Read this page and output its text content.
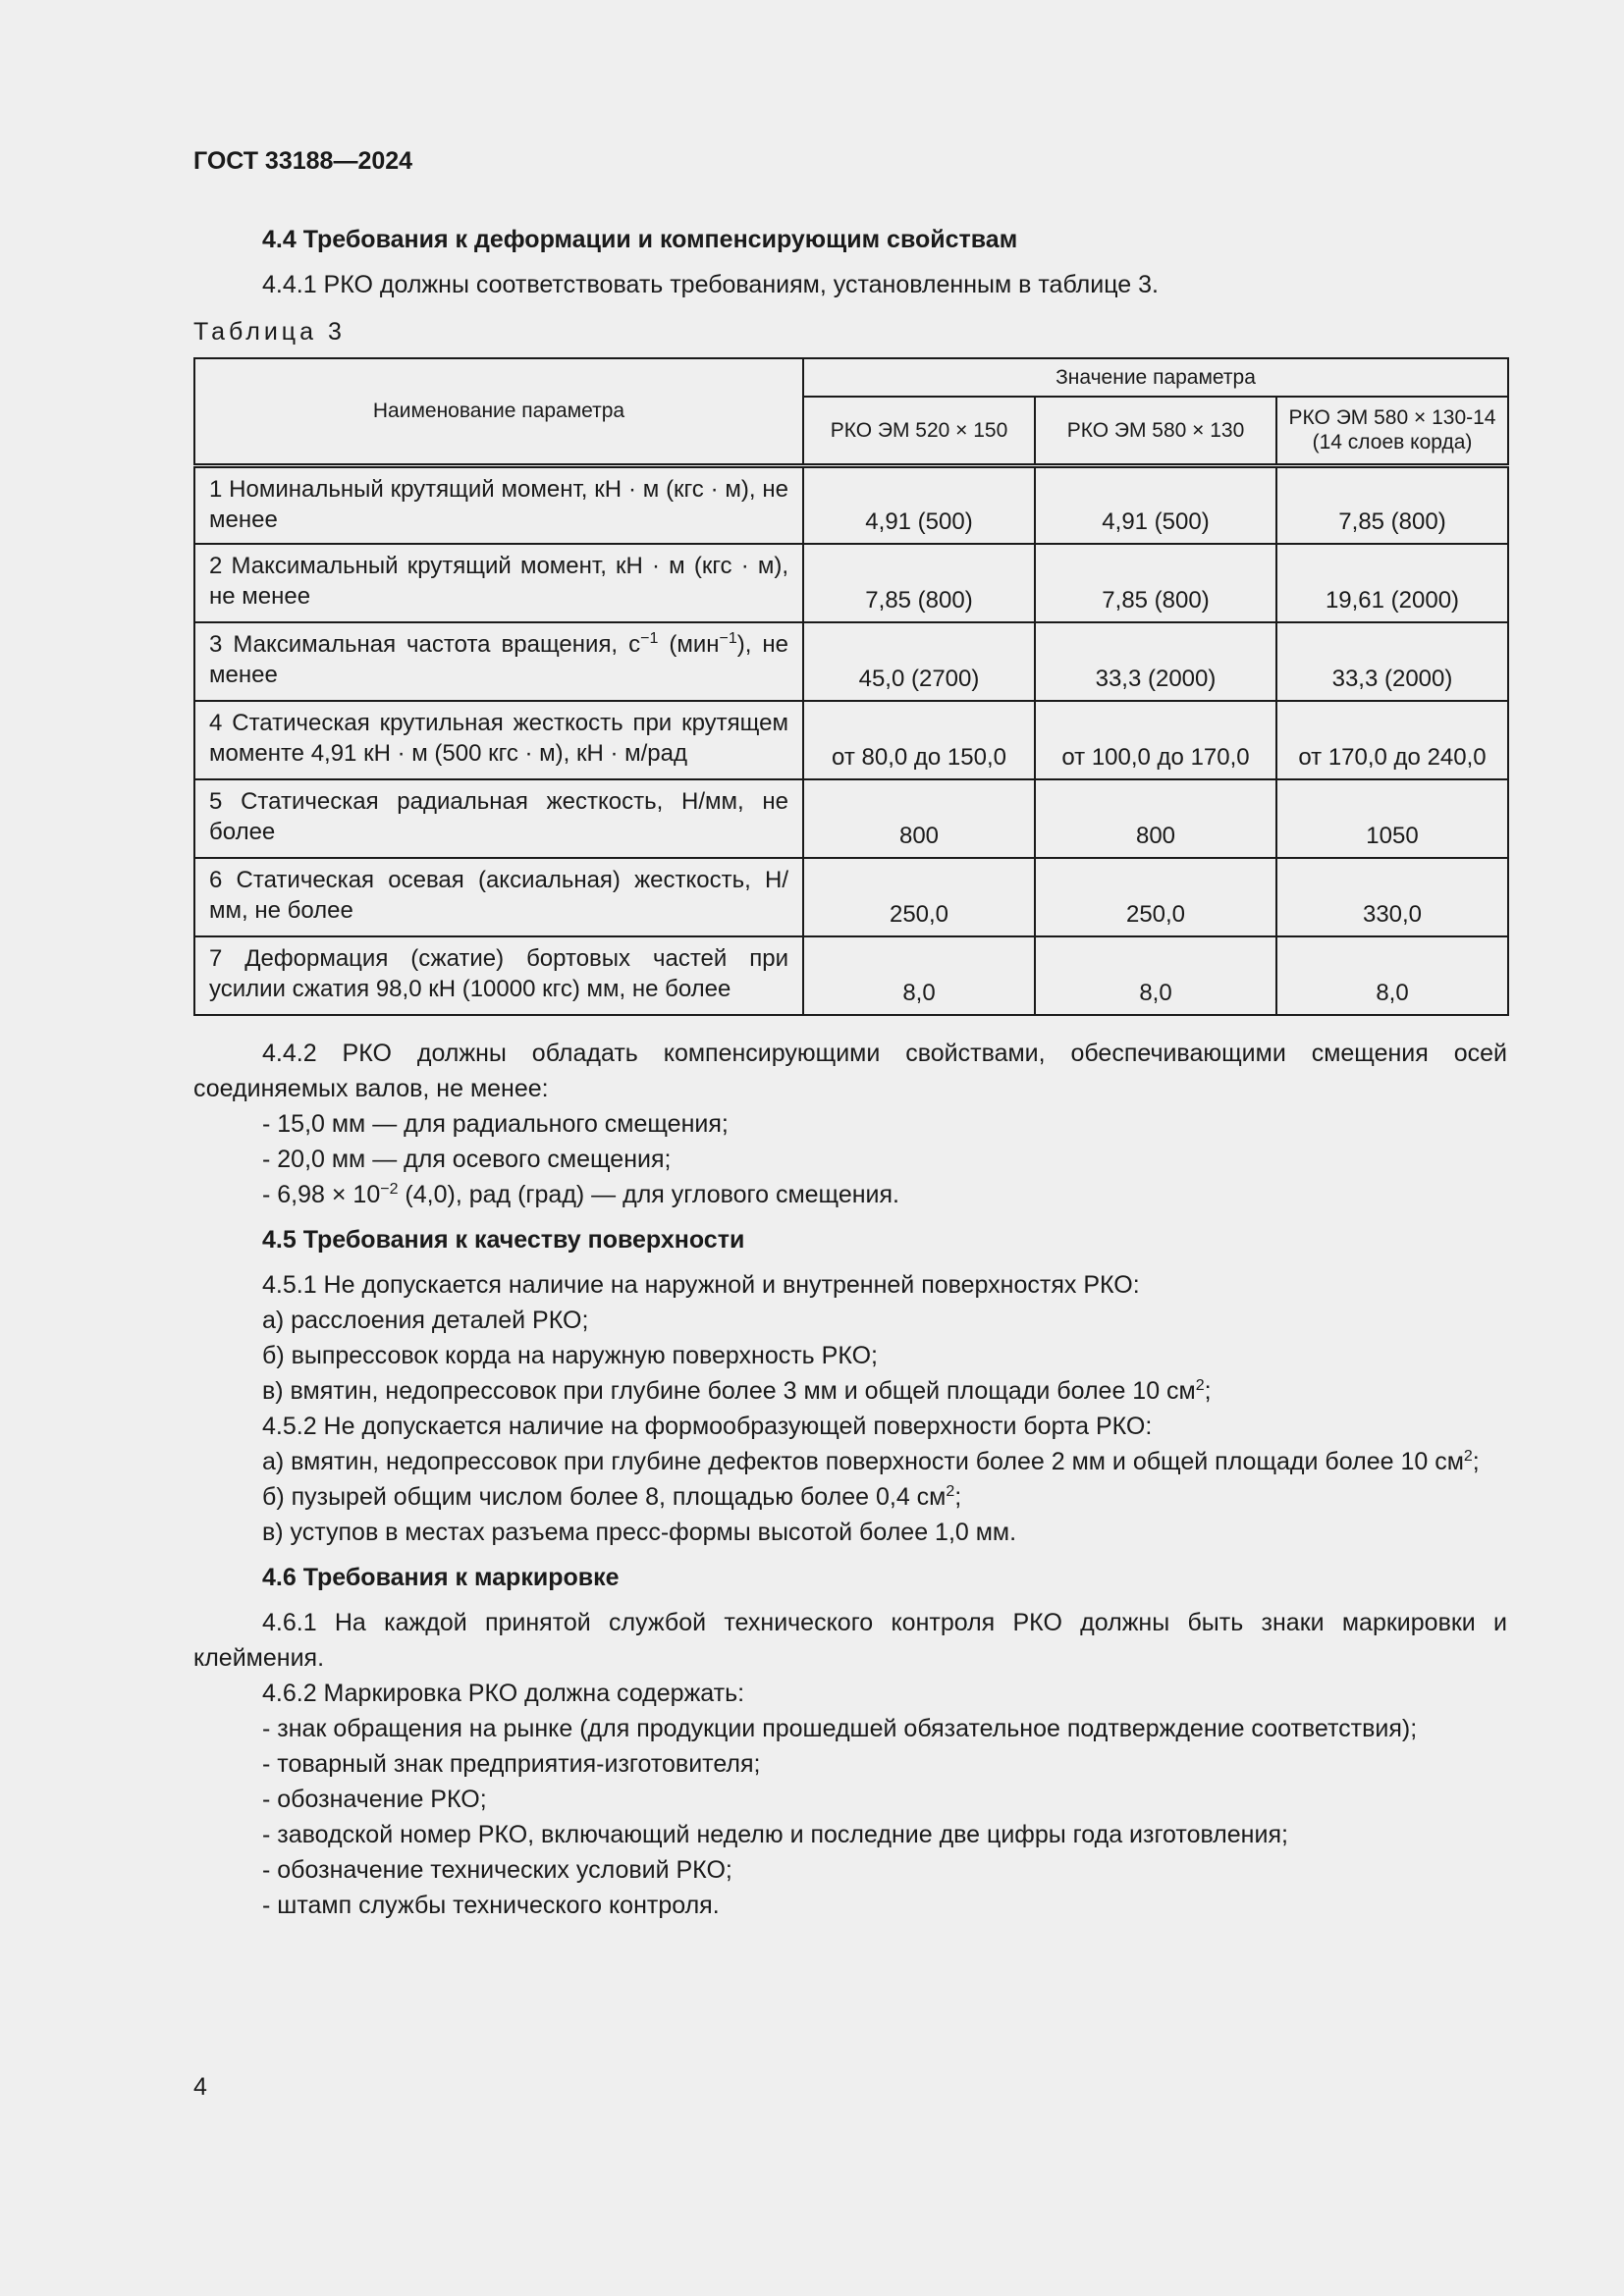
ГОСТ 33188—2024

4.4 Требования к деформации и компенсирующим свойствам

4.4.1 РКО должны соответствовать требованиям, установленным в таблице 3.

Таблица 3

Наименование параметра	Значение параметра		
	РКО ЭМ 520 × 150	РКО ЭМ 580 × 130	РКО ЭМ 580 × 130-14
(14 слоев корда)
1 Номинальный крутящий момент, кН · м (кгс · м), не менее	4,91 (500)	4,91 (500)	7,85 (800)
2 Максимальный крутящий момент, кН · м (кгс · м), не менее	7,85 (800)	7,85 (800)	19,61 (2000)
3 Максимальная частота вращения, $с^{-1}$ (мин$^{-1}$), не менее	45,0 (2700)	33,3 (2000)	33,3 (2000)
4 Статическая крутильная жесткость при крутящем моменте 4,91 кН · м (500 кгс · м), кН · м/рад	от 80,0 до 150,0	от 100,0 до 170,0	от 170,0 до 240,0
5 Статическая радиальная жесткость, Н/мм, не более	800	800	1050
6 Статическая осевая (аксиальная) жесткость, Н/мм, не более	250,0	250,0	330,0
7 Деформация (сжатие) бортовых частей при усилии сжатия 98,0 кН (10000 кгс) мм, не более	8,0	8,0	8,0

4.4.2 РКО должны обладать компенсирующими свойствами, обеспечивающими смещения осей соединяемых валов, не менее:

- 15,0 мм — для радиального смещения;

- 20,0 мм — для осевого смещения;

- $6,98 \times 10^{-2}$ (4,0), рад (град) — для углового смещения.

4.5 Требования к качеству поверхности

4.5.1 Не допускается наличие на наружной и внутренней поверхностях РКО:

а) расслоения деталей РКО;

б) выпрессовок корда на наружную поверхность РКО;

в) вмятин, недопрессовок при глубине более 3 мм и общей площади более 10 $см^2$;

4.5.2 Не допускается наличие на формообразующей поверхности борта РКО:

а) вмятин, недопрессовок при глубине дефектов поверхности более 2 мм и общей площади более 10 $см^2$;

б) пузырей общим числом более 8, площадью более 0,4 $см^2$;

в) уступов в местах разъема пресс-формы высотой более 1,0 мм.

4.6 Требования к маркировке

4.6.1 На каждой принятой службой технического контроля РКО должны быть знаки маркировки и клеймения.

4.6.2 Маркировка РКО должна содержать:

- знак обращения на рынке (для продукции прошедшей обязательное подтверждение соответствия);

- товарный знак предприятия-изготовителя;

- обозначение РКО;

- заводской номер РКО, включающий неделю и последние две цифры года изготовления;

- обозначение технических условий РКО;

- штамп службы технического контроля.

4
